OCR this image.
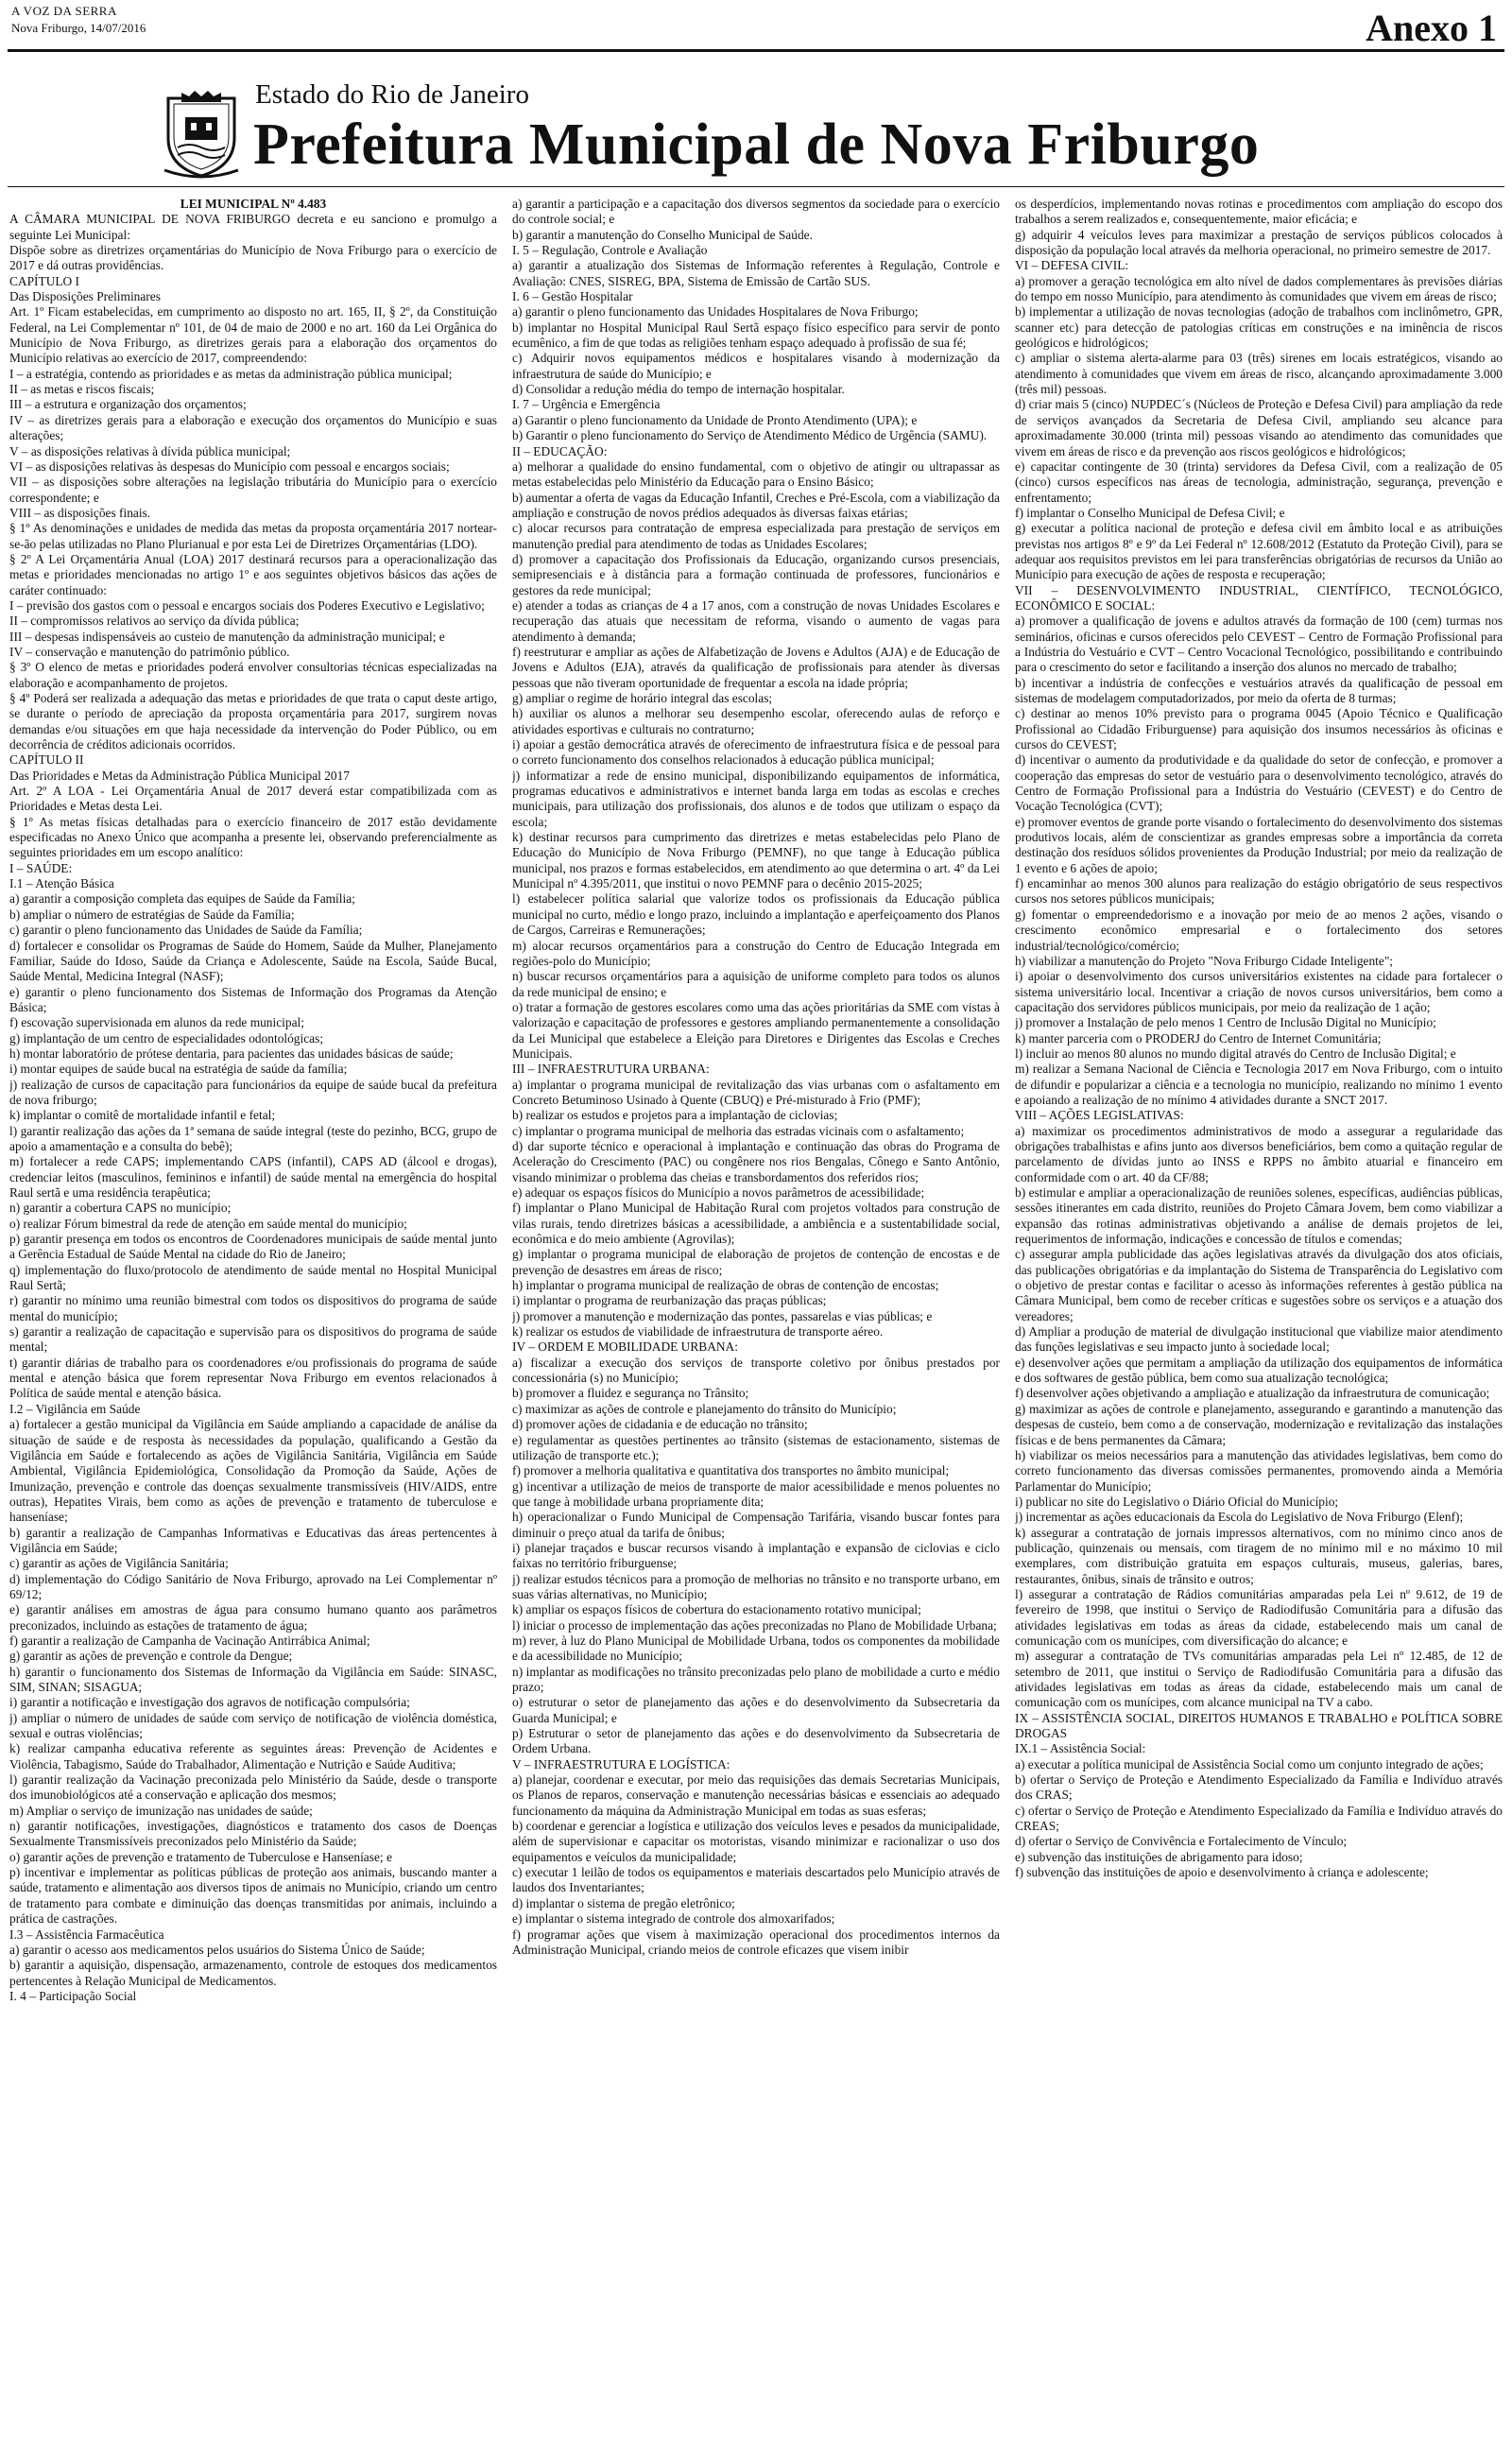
A VOZ DA SERRA
Nova Friburgo, 14/07/2016	Anexo 1
Estado do Rio de Janeiro
Prefeitura Municipal de Nova Friburgo

LEI MUNICIPAL Nº 4.483

A CÂMARA MUNICIPAL DE NOVA FRIBURGO decreta e eu sanciono e promulgo a seguinte Lei Municipal:

Dispõe sobre as diretrizes orçamentárias do Município de Nova Friburgo para o exercício de 2017 e dá outras providências.

CAPÍTULO I

Das Disposições Preliminares

Art. 1º Ficam estabelecidas, em cumprimento ao disposto no art. 165, II, § 2º, da Constituição Federal, na Lei Complementar nº 101, de 04 de maio de 2000 e no art. 160 da Lei Orgânica do Município de Nova Friburgo, as diretrizes gerais para a elaboração dos orçamentos do Município relativas ao exercício de 2017, compreendendo:

I – a estratégia, contendo as prioridades e as metas da administração pública municipal;

II – as metas e riscos fiscais;

III – a estrutura e organização dos orçamentos;

IV – as diretrizes gerais para a elaboração e execução dos orçamentos do Município e suas alterações;

V – as disposições relativas à dívida pública municipal;

VI – as disposições relativas às despesas do Município com pessoal e encargos sociais;

VII – as disposições sobre alterações na legislação tributária do Município para o exercício correspondente; e

VIII – as disposições finais.

§ 1º As denominações e unidades de medida das metas da proposta orçamentária 2017 nortear-se-ão pelas utilizadas no Plano Plurianual e por esta Lei de Diretrizes Orçamentárias (LDO).

§ 2º A Lei Orçamentária Anual (LOA) 2017 destinará recursos para a operacionalização das metas e prioridades mencionadas no artigo 1º e aos seguintes objetivos básicos das ações de caráter continuado:

I – previsão dos gastos com o pessoal e encargos sociais dos Poderes Executivo e Legislativo;

II – compromissos relativos ao serviço da dívida pública;

III – despesas indispensáveis ao custeio de manutenção da administração municipal; e

IV – conservação e manutenção do patrimônio público.

§ 3º O elenco de metas e prioridades poderá envolver consultorias técnicas especializadas na elaboração e acompanhamento de projetos.

§ 4º Poderá ser realizada a adequação das metas e prioridades de que trata o caput deste artigo, se durante o período de apreciação da proposta orçamentária para 2017, surgirem novas demandas e/ou situações em que haja necessidade da intervenção do Poder Público, ou em decorrência de créditos adicionais ocorridos.

CAPÍTULO II

Das Prioridades e Metas da Administração Pública Municipal 2017

Art. 2º A LOA - Lei Orçamentária Anual de 2017 deverá estar compatibilizada com as Prioridades e Metas desta Lei.

§ 1º As metas físicas detalhadas para o exercício financeiro de 2017 estão devidamente especificadas no Anexo Único que acompanha a presente lei, observando preferencialmente as seguintes prioridades em um escopo analítico:

I – SAÚDE:

I.1 – Atenção Básica

a) garantir a composição completa das equipes de Saúde da Família;

b) ampliar o número de estratégias de Saúde da Família;

c) garantir o pleno funcionamento das Unidades de Saúde da Família;

d) fortalecer e consolidar os Programas de Saúde do Homem, Saúde da Mulher, Planejamento Familiar, Saúde do Idoso, Saúde da Criança e Adolescente, Saúde na Escola, Saúde Bucal, Saúde Mental, Medicina Integral (NASF);

e) garantir o pleno funcionamento dos Sistemas de Informação dos Programas da Atenção Básica;

f) escovação supervisionada em alunos da rede municipal;

g) implantação de um centro de especialidades odontológicas;

h) montar laboratório de prótese dentaria, para pacientes das unidades básicas de saúde;

i) montar equipes de saúde bucal na estratégia de saúde da família;

j) realização de cursos de capacitação para funcionários da equipe de saúde bucal da prefeitura de nova friburgo;

k) implantar o comitê de mortalidade infantil e fetal;

l) garantir realização das ações da 1ª semana de saúde integral (teste do pezinho, BCG, grupo de apoio a amamentação e a consulta do bebê);

m) fortalecer a rede CAPS; implementando CAPS (infantil), CAPS AD (álcool e drogas), credenciar leitos (masculinos, femininos e infantil) de saúde mental na emergência do hospital Raul sertã e uma residência terapêutica;

n) garantir a cobertura CAPS no município;

o) realizar Fórum bimestral da rede de atenção em saúde mental do município;

p) garantir presença em todos os encontros de Coordenadores municipais de saúde mental junto a Gerência Estadual de Saúde Mental na cidade do Rio de Janeiro;

q) implementação do fluxo/protocolo de atendimento de saúde mental no Hospital Municipal Raul Sertã;

r) garantir no mínimo uma reunião bimestral com todos os dispositivos do programa de saúde mental do município;

s) garantir a realização de capacitação e supervisão para os dispositivos do programa de saúde mental;

t) garantir diárias de trabalho para os coordenadores e/ou profissionais do programa de saúde mental e atenção básica que forem representar Nova Friburgo em eventos relacionados à Política de saúde mental e atenção básica.

I.2 – Vigilância em Saúde

a) fortalecer a gestão municipal da Vigilância em Saúde ampliando a capacidade de análise da situação de saúde e de resposta às necessidades da população, qualificando a Gestão da Vigilância em Saúde e fortalecendo as ações de Vigilância Sanitária, Vigilância em Saúde Ambiental, Vigilância Epidemiológica, Consolidação da Promoção da Saúde, Ações de Imunização, prevenção e controle das doenças sexualmente transmissíveis (HIV/AIDS, entre outras), Hepatites Virais, bem como as ações de prevenção e tratamento de tuberculose e hanseníase;

b) garantir a realização de Campanhas Informativas e Educativas das áreas pertencentes à Vigilância em Saúde;

c) garantir as ações de Vigilância Sanitária;

d) implementação do Código Sanitário de Nova Friburgo, aprovado na Lei Complementar nº 69/12;

e) garantir análises em amostras de água para consumo humano quanto aos parâmetros preconizados, incluindo as estações de tratamento de água;

f) garantir a realização de Campanha de Vacinação Antirrábica Animal;

g) garantir as ações de prevenção e controle da Dengue;

h) garantir o funcionamento dos Sistemas de Informação da Vigilância em Saúde: SINASC, SIM, SINAN; SISAGUA;

i) garantir a notificação e investigação dos agravos de notificação compulsória;

j) ampliar o número de unidades de saúde com serviço de notificação de violência doméstica, sexual e outras violências;

k) realizar campanha educativa referente as seguintes áreas: Prevenção de Acidentes e Violência, Tabagismo, Saúde do Trabalhador, Alimentação e Nutrição e Saúde Auditiva;

l) garantir realização da Vacinação preconizada pelo Ministério da Saúde, desde o transporte dos imunobiológicos até a conservação e aplicação dos mesmos;

m) Ampliar o serviço de imunização nas unidades de saúde;

n) garantir notificações, investigações, diagnósticos e tratamento dos casos de Doenças Sexualmente Transmissíveis preconizados pelo Ministério da Saúde;

o) garantir ações de prevenção e tratamento de Tuberculose e Hanseníase; e

p) incentivar e implementar as políticas públicas de proteção aos animais, buscando manter a saúde, tratamento e alimentação aos diversos tipos de animais no Município, criando um centro de tratamento para combate e diminuição das doenças transmitidas por animais, incluindo a prática de castrações.

I.3 – Assistência Farmacêutica

a) garantir o acesso aos medicamentos pelos usuários do Sistema Único de Saúde;

b) garantir a aquisição, dispensação, armazenamento, controle de estoques dos medicamentos pertencentes à Relação Municipal de Medicamentos.

I. 4 – Participação Social

a) garantir a participação e a capacitação dos diversos segmentos da sociedade para o exercício do controle social; e

b) garantir a manutenção do Conselho Municipal de Saúde.

I. 5 – Regulação, Controle e Avaliação

a) garantir a atualização dos Sistemas de Informação referentes à Regulação, Controle e Avaliação: CNES, SISREG, BPA, Sistema de Emissão de Cartão SUS.

I. 6 – Gestão Hospitalar

a) garantir o pleno funcionamento das Unidades Hospitalares de Nova Friburgo;

b) implantar no Hospital Municipal Raul Sertã espaço físico específico para servir de ponto ecumênico, a fim de que todas as religiões tenham espaço adequado à profissão de sua fé;

c) Adquirir novos equipamentos médicos e hospitalares visando à modernização da infraestrutura de saúde do Município; e

d) Consolidar a redução média do tempo de internação hospitalar.

I. 7 – Urgência e Emergência

a) Garantir o pleno funcionamento da Unidade de Pronto Atendimento (UPA); e

b) Garantir o pleno funcionamento do Serviço de Atendimento Médico de Urgência (SAMU).

II – EDUCAÇÃO:

a) melhorar a qualidade do ensino fundamental, com o objetivo de atingir ou ultrapassar as metas estabelecidas pelo Ministério da Educação para o Ensino Básico;

b) aumentar a oferta de vagas da Educação Infantil, Creches e Pré-Escola, com a viabilização da ampliação e construção de novos prédios adequados às diversas faixas etárias;

c) alocar recursos para contratação de empresa especializada para prestação de serviços em manutenção predial para atendimento de todas as Unidades Escolares;

d) promover a capacitação dos Profissionais da Educação, organizando cursos presenciais, semipresenciais e à distância para a formação continuada de professores, funcionários e gestores da rede municipal;

e) atender a todas as crianças de 4 a 17 anos, com a construção de novas Unidades Escolares e recuperação das atuais que necessitam de reforma, visando o aumento de vagas para atendimento à demanda;

f) reestruturar e ampliar as ações de Alfabetização de Jovens e Adultos (AJA) e de Educação de Jovens e Adultos (EJA), através da qualificação de profissionais para atender às diversas pessoas que não tiveram oportunidade de frequentar a escola na idade própria;

g) ampliar o regime de horário integral das escolas;

h) auxiliar os alunos a melhorar seu desempenho escolar, oferecendo aulas de reforço e atividades esportivas e culturais no contraturno;

i) apoiar a gestão democrática através de oferecimento de infraestrutura física e de pessoal para o correto funcionamento dos conselhos relacionados à educação pública municipal;

j) informatizar a rede de ensino municipal, disponibilizando equipamentos de informática, programas educativos e administrativos e internet banda larga em todas as escolas e creches municipais, para utilização dos profissionais, dos alunos e de todos que utilizam o espaço da escola;

k) destinar recursos para cumprimento das diretrizes e metas estabelecidas pelo Plano de Educação do Município de Nova Friburgo (PEMNF), no que tange à Educação pública municipal, nos prazos e formas estabelecidos, em atendimento ao que determina o art. 4º da Lei Municipal nº 4.395/2011, que institui o novo PEMNF para o decênio 2015-2025;

l) estabelecer política salarial que valorize todos os profissionais da Educação pública municipal no curto, médio e longo prazo, incluindo a implantação e aperfeiçoamento dos Planos de Cargos, Carreiras e Remunerações;

m) alocar recursos orçamentários para a construção do Centro de Educação Integrada em regiões-polo do Município;

n) buscar recursos orçamentários para a aquisição de uniforme completo para todos os alunos da rede municipal de ensino; e

o) tratar a formação de gestores escolares como uma das ações prioritárias da SME com vistas à valorização e capacitação de professores e gestores ampliando permanentemente a consolidação da Lei Municipal que estabelece a Eleição para Diretores e Dirigentes das Escolas e Creches Municipais.

III – INFRAESTRUTURA URBANA:

a) implantar o programa municipal de revitalização das vias urbanas com o asfaltamento em Concreto Betuminoso Usinado à Quente (CBUQ) e Pré-misturado à Frio (PMF);

b) realizar os estudos e projetos para a implantação de ciclovias;

c) implantar o programa municipal de melhoria das estradas vicinais com o asfaltamento;

d) dar suporte técnico e operacional à implantação e continuação das obras do Programa de Aceleração do Crescimento (PAC) ou congênere nos rios Bengalas, Cônego e Santo Antônio, visando minimizar o problema das cheias e transbordamentos dos referidos rios;

e) adequar os espaços físicos do Município a novos parâmetros de acessibilidade;

f) implantar o Plano Municipal de Habitação Rural com projetos voltados para construção de vilas rurais, tendo diretrizes básicas a acessibilidade, a ambiência e a sustentabilidade social, econômica e do meio ambiente (Agrovilas);

g) implantar o programa municipal de elaboração de projetos de contenção de encostas e de prevenção de desastres em áreas de risco;

h) implantar o programa municipal de realização de obras de contenção de encostas;

i) implantar o programa de reurbanização das praças públicas;

j) promover a manutenção e modernização das pontes, passarelas e vias públicas; e

k) realizar os estudos de viabilidade de infraestrutura de transporte aéreo.

IV – ORDEM E MOBILIDADE URBANA:

a) fiscalizar a execução dos serviços de transporte coletivo por ônibus prestados por concessionária (s) no Município;

b) promover a fluidez e segurança no Trânsito;

c) maximizar as ações de controle e planejamento do trânsito do Município;

d) promover ações de cidadania e de educação no trânsito;

e) regulamentar as questões pertinentes ao trânsito (sistemas de estacionamento, sistemas de utilização de transporte etc.);

f) promover a melhoria qualitativa e quantitativa dos transportes no âmbito municipal;

g) incentivar a utilização de meios de transporte de maior acessibilidade e menos poluentes no que tange à mobilidade urbana propriamente dita;

h) operacionalizar o Fundo Municipal de Compensação Tarifária, visando buscar fontes para diminuir o preço atual da tarifa de ônibus;

i) planejar traçados e buscar recursos visando à implantação e expansão de ciclovias e ciclo faixas no território friburguense;

j) realizar estudos técnicos para a promoção de melhorias no trânsito e no transporte urbano, em suas várias alternativas, no Município;

k) ampliar os espaços físicos de cobertura do estacionamento rotativo municipal;

l) iniciar o processo de implementação das ações preconizadas no Plano de Mobilidade Urbana;

m) rever, à luz do Plano Municipal de Mobilidade Urbana, todos os componentes da mobilidade e da acessibilidade no Município;

n) implantar as modificações no trânsito preconizadas pelo plano de mobilidade a curto e médio prazo;

o) estruturar o setor de planejamento das ações e do desenvolvimento da Subsecretaria da Guarda Municipal; e

p) Estruturar o setor de planejamento das ações e do desenvolvimento da Subsecretaria de Ordem Urbana.

V – INFRAESTRUTURA E LOGÍSTICA:

a) planejar, coordenar e executar, por meio das requisições das demais Secretarias Municipais, os Planos de reparos, conservação e manutenção necessárias básicas e essenciais ao adequado funcionamento da máquina da Administração Municipal em todas as suas esferas;

b) coordenar e gerenciar a logística e utilização dos veículos leves e pesados da municipalidade, além de supervisionar e capacitar os motoristas, visando minimizar e racionalizar o uso dos equipamentos e veículos da municipalidade;

c) executar 1 leilão de todos os equipamentos e materiais descartados pelo Município através de laudos dos Inventariantes;

d) implantar o sistema de pregão eletrônico;

e) implantar o sistema integrado de controle dos almoxarifados;

f) programar ações que visem à maximização operacional dos procedimentos internos da Administração Municipal, criando meios de controle eficazes que visem inibir

os desperdícios, implementando novas rotinas e procedimentos com ampliação do escopo dos trabalhos a serem realizados e, consequentemente, maior eficácia; e

g) adquirir 4 veículos leves para maximizar a prestação de serviços públicos colocados à disposição da população local através da melhoria operacional, no primeiro semestre de 2017.

VI – DEFESA CIVIL:

a) promover a geração tecnológica em alto nível de dados complementares às previsões diárias do tempo em nosso Município, para atendimento às comunidades que vivem em áreas de risco;

b) implementar a utilização de novas tecnologias (adoção de trabalhos com inclinômetro, GPR, scanner etc) para detecção de patologias críticas em construções e na iminência de riscos geológicos e hidrológicos;

c) ampliar o sistema alerta-alarme para 03 (três) sirenes em locais estratégicos, visando ao atendimento à comunidades que vivem em áreas de risco, alcançando aproximadamente 3.000 (três mil) pessoas.

d) criar mais 5 (cinco) NUPDEC´s (Núcleos de Proteção e Defesa Civil) para ampliação da rede de serviços avançados da Secretaria de Defesa Civil, ampliando seu alcance para aproximadamente 30.000 (trinta mil) pessoas visando ao atendimento das comunidades que vivem em áreas de risco e da prevenção aos riscos geológicos e hidrológicos;

e) capacitar contingente de 30 (trinta) servidores da Defesa Civil, com a realização de 05 (cinco) cursos específicos nas áreas de tecnologia, administração, segurança, prevenção e enfrentamento;

f) implantar o Conselho Municipal de Defesa Civil; e

g) executar a política nacional de proteção e defesa civil em âmbito local e as atribuições previstas nos artigos 8º e 9º da Lei Federal nº 12.608/2012 (Estatuto da Proteção Civil), para se adequar aos requisitos previstos em lei para transferências obrigatórias de recursos da União ao Município para execução de ações de resposta e recuperação;

VII – DESENVOLVIMENTO INDUSTRIAL, CIENTÍFICO, TECNOLÓGICO, ECONÔMICO E SOCIAL:

a) promover a qualificação de jovens e adultos através da formação de 100 (cem) turmas nos seminários, oficinas e cursos oferecidos pelo CEVEST – Centro de Formação Profissional para a Indústria do Vestuário e CVT – Centro Vocacional Tecnológico, possibilitando e contribuindo para o crescimento do setor e facilitando a inserção dos alunos no mercado de trabalho;

b) incentivar a indústria de confecções e vestuários através da qualificação de pessoal em sistemas de modelagem computadorizados, por meio da oferta de 8 turmas;

c) destinar ao menos 10% previsto para o programa 0045 (Apoio Técnico e Qualificação Profissional ao Cidadão Friburguense) para aquisição dos insumos necessários às oficinas e cursos do CEVEST;

d) incentivar o aumento da produtividade e da qualidade do setor de confecção, e promover a cooperação das empresas do setor de vestuário para o desenvolvimento tecnológico, através do Centro de Formação Profissional para a Indústria do Vestuário (CEVEST) e do Centro de Vocação Tecnológica (CVT);

e) promover eventos de grande porte visando o fortalecimento do desenvolvimento dos sistemas produtivos locais, além de conscientizar as grandes empresas sobre a importância da correta destinação dos resíduos sólidos provenientes da Produção Industrial; por meio da realização de 1 evento e 6 ações de apoio;

f) encaminhar ao menos 300 alunos para realização do estágio obrigatório de seus respectivos cursos nos setores públicos municipais;

g) fomentar o empreendedorismo e a inovação por meio de ao menos 2 ações, visando o crescimento econômico empresarial e o fortalecimento dos setores industrial/tecnológico/comércio;

h) viabilizar a manutenção do Projeto "Nova Friburgo Cidade Inteligente";

i) apoiar o desenvolvimento dos cursos universitários existentes na cidade para fortalecer o sistema universitário local. Incentivar a criação de novos cursos universitários, bem como a capacitação dos servidores públicos municipais, por meio da realização de 1 ação;

j) promover a Instalação de pelo menos 1 Centro de Inclusão Digital no Município;

k) manter parceria com o PRODERJ do Centro de Internet Comunitária;

l) incluir ao menos 80 alunos no mundo digital através do Centro de Inclusão Digital; e

m) realizar a Semana Nacional de Ciência e Tecnologia 2017 em Nova Friburgo, com o intuito de difundir e popularizar a ciência e a tecnologia no município, realizando no mínimo 1 evento e apoiando a realização de no mínimo 4 atividades durante a SNCT 2017.

VIII – AÇÕES LEGISLATIVAS:

a) maximizar os procedimentos administrativos de modo a assegurar a regularidade das obrigações trabalhistas e afins junto aos diversos beneficiários, bem como a quitação regular de parcelamento de dívidas junto ao INSS e RPPS no âmbito atuarial e financeiro em conformidade com o art. 40 da CF/88;

b) estimular e ampliar a operacionalização de reuniões solenes, específicas, audiências públicas, sessões itinerantes em cada distrito, reuniões do Projeto Câmara Jovem, bem como viabilizar a expansão das rotinas administrativas objetivando a análise de demais projetos de lei, requerimentos de informação, indicações e concessão de títulos e comendas;

c) assegurar ampla publicidade das ações legislativas através da divulgação dos atos oficiais, das publicações obrigatórias e da implantação do Sistema de Transparência do Legislativo com o objetivo de prestar contas e facilitar o acesso às informações referentes à gestão pública na Câmara Municipal, bem como de receber críticas e sugestões sobre os serviços e a atuação dos vereadores;

d) Ampliar a produção de material de divulgação institucional que viabilize maior atendimento das funções legislativas e seu impacto junto à sociedade local;

e) desenvolver ações que permitam a ampliação da utilização dos equipamentos de informática e dos softwares de gestão pública, bem como sua atualização tecnológica;

f) desenvolver ações objetivando a ampliação e atualização da infraestrutura de comunicação;

g) maximizar as ações de controle e planejamento, assegurando e garantindo a manutenção das despesas de custeio, bem como a de conservação, modernização e revitalização das instalações físicas e de bens permanentes da Câmara;

h) viabilizar os meios necessários para a manutenção das atividades legislativas, bem como do correto funcionamento das diversas comissões permanentes, promovendo ainda a Memória Parlamentar do Município;

i) publicar no site do Legislativo o Diário Oficial do Município;

j) incrementar as ações educacionais da Escola do Legislativo de Nova Friburgo (Elenf);

k) assegurar a contratação de jornais impressos alternativos, com no mínimo cinco anos de publicação, quinzenais ou mensais, com tiragem de no mínimo mil e no máximo 10 mil exemplares, com distribuição gratuita em espaços culturais, museus, galerias, bares, restaurantes, ônibus, sinais de trânsito e outros;

l) assegurar a contratação de Rádios comunitárias amparadas pela Lei nº 9.612, de 19 de fevereiro de 1998, que institui o Serviço de Radiodifusão Comunitária para a difusão das atividades legislativas em todas as áreas da cidade, estabelecendo mais um canal de comunicação com os munícipes, com diversificação do alcance; e

m) assegurar a contratação de TVs comunitárias amparadas pela Lei nº 12.485, de 12 de setembro de 2011, que institui o Serviço de Radiodifusão Comunitária para a difusão das atividades legislativas em todas as áreas da cidade, estabelecendo mais um canal de comunicação com os munícipes, com alcance municipal na TV a cabo.

IX – ASSISTÊNCIA SOCIAL, DIREITOS HUMANOS E TRABALHO e POLÍTICA SOBRE DROGAS

IX.1 – Assistência Social:

a) executar a política municipal de Assistência Social como um conjunto integrado de ações;

b) ofertar o Serviço de Proteção e Atendimento Especializado da Família e Indivíduo através dos CRAS;

c) ofertar o Serviço de Proteção e Atendimento Especializado da Família e Indivíduo através do CREAS;

d) ofertar o Serviço de Convivência e Fortalecimento de Vínculo;

e) subvenção das instituições de abrigamento para idoso;

f) subvenção das instituições de apoio e desenvolvimento à criança e adolescente;
